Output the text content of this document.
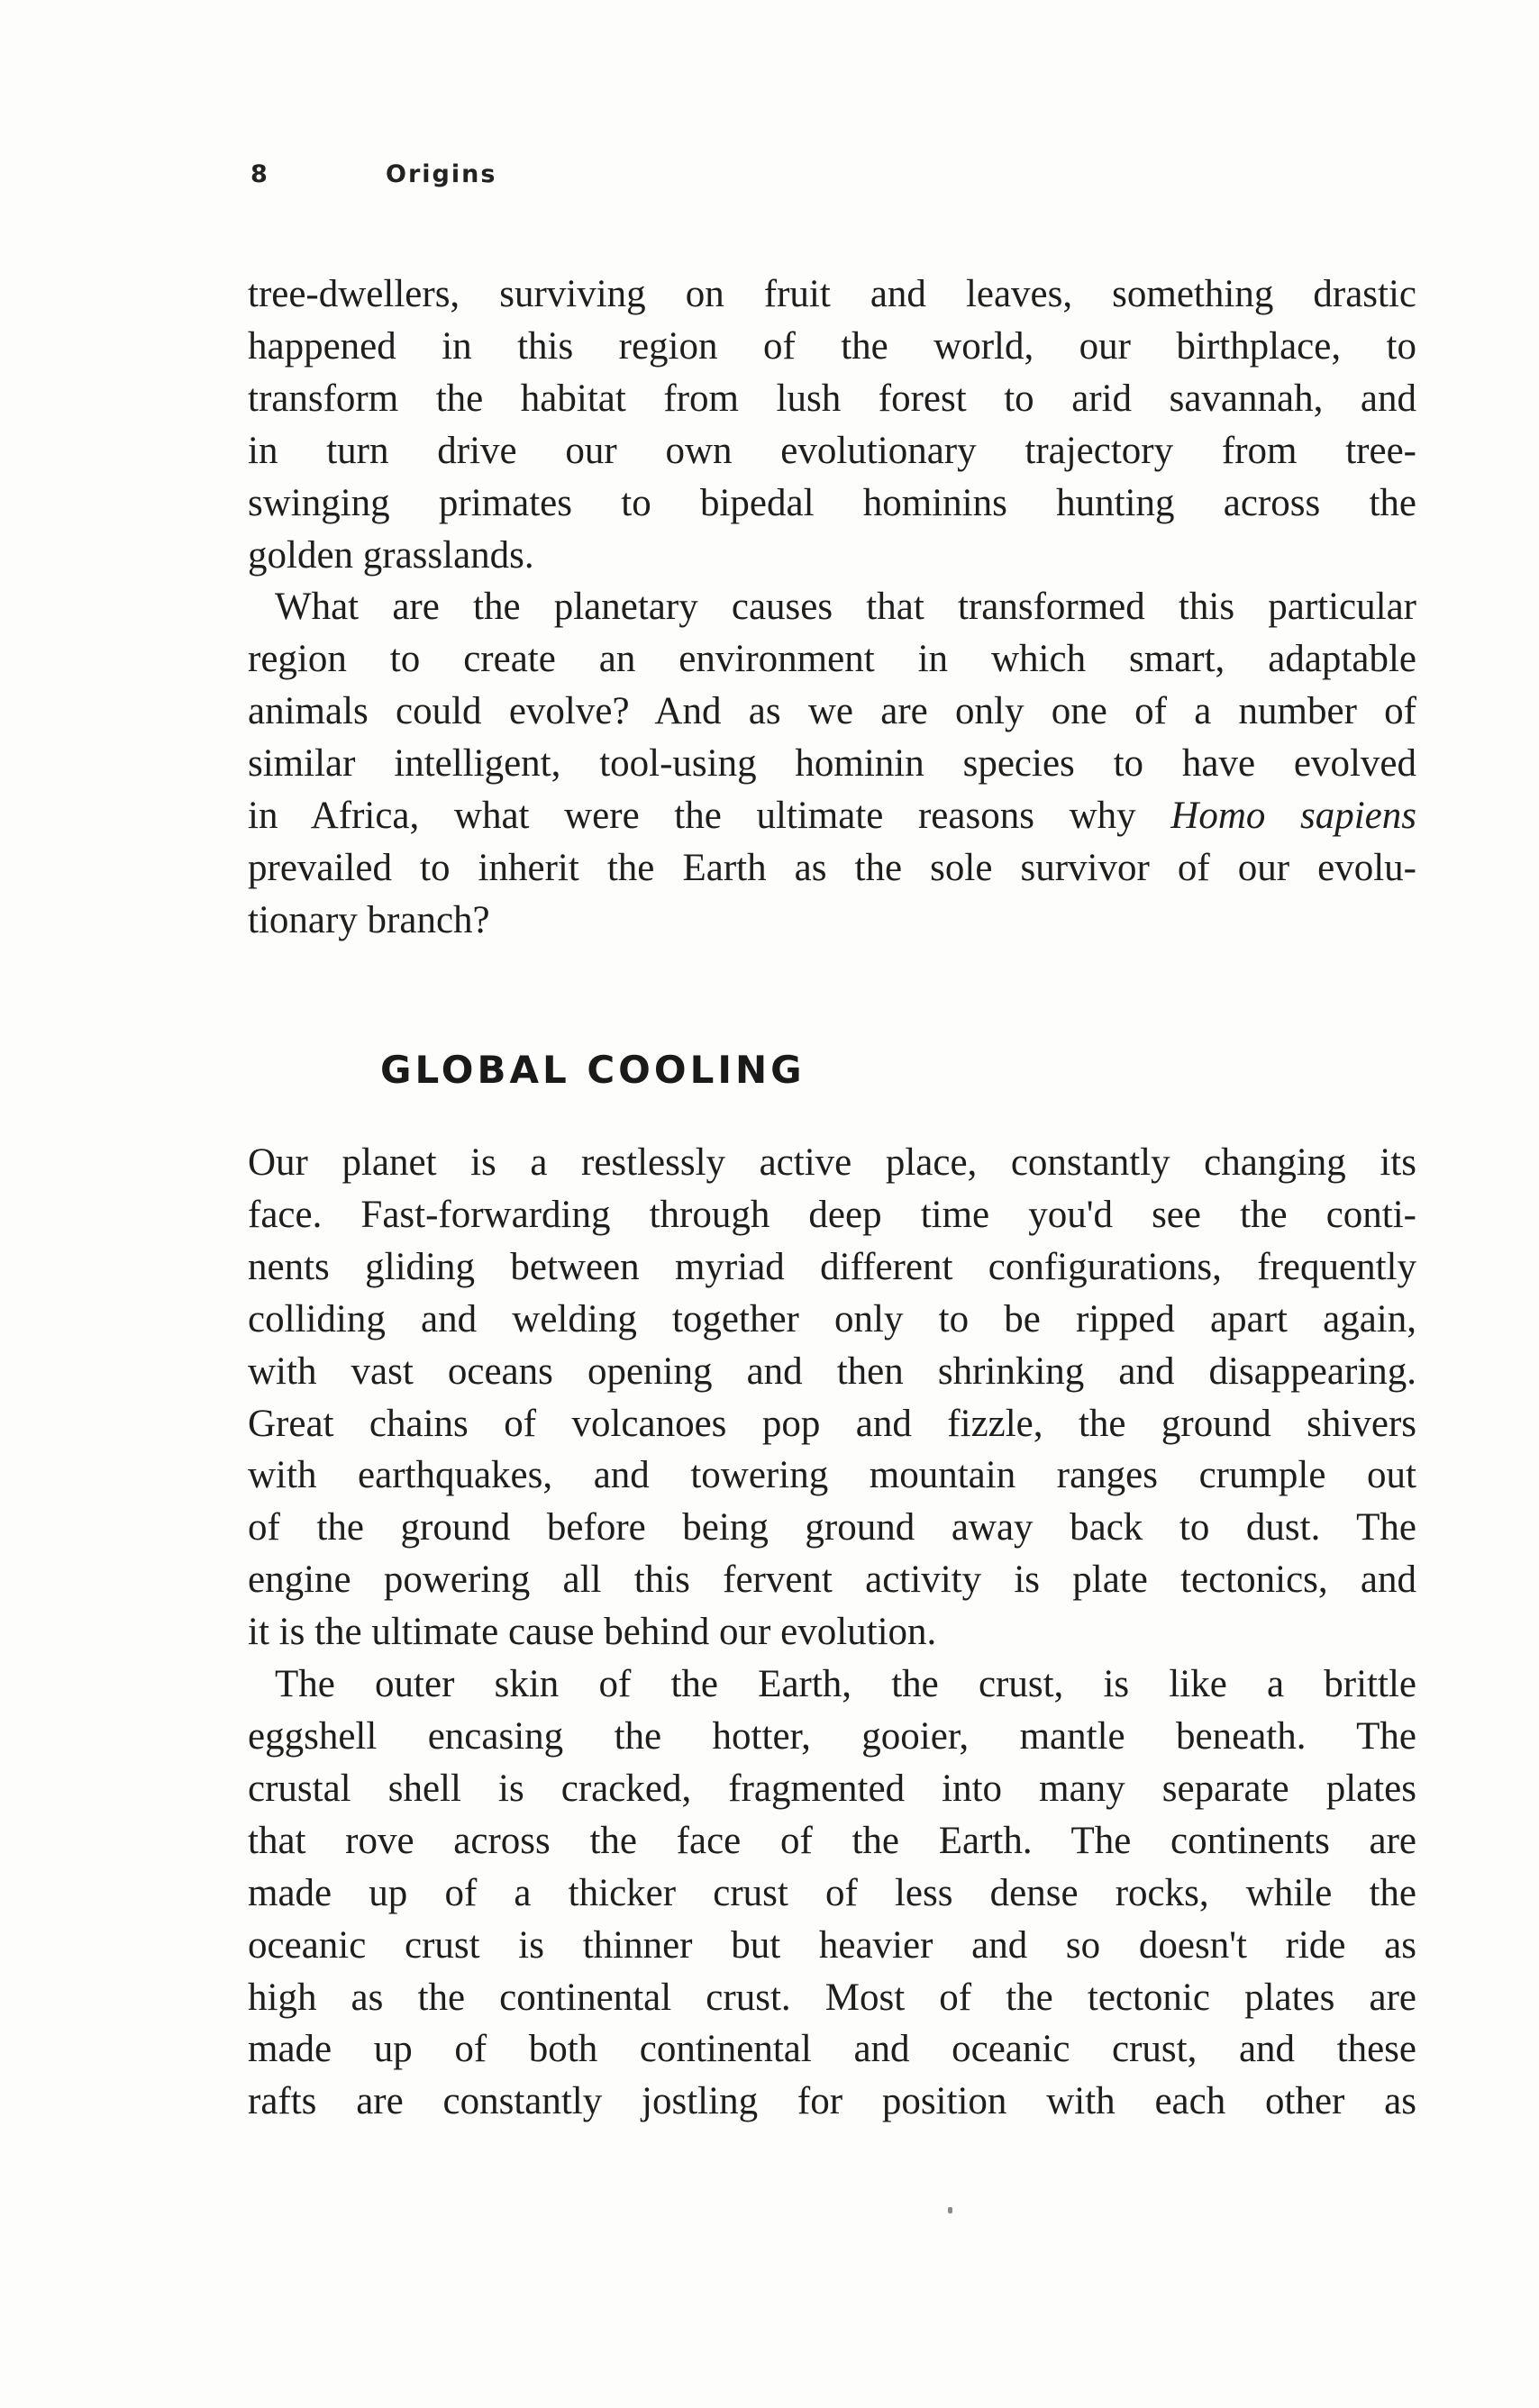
8	Origins
tree-dwellers, surviving on fruit and leaves, something drastic
happened in this region of the world, our birthplace, to
transform the habitat from lush forest to arid savannah, and
in turn drive our own evolutionary trajectory from tree-
swinging primates to bipedal hominins hunting across the
golden grasslands.
What are the planetary causes that transformed this particular
region to create an environment in which smart, adaptable
animals could evolve? And as we are only one of a number of
similar intelligent, tool-using hominin species to have evolved
in Africa, what were the ultimate reasons why Homo sapiens
prevailed to inherit the Earth as the sole survivor of our evolu-
tionary branch?
GLOBAL COOLING
Our planet is a restlessly active place, constantly changing its
face. Fast-forwarding through deep time you'd see the conti-
nents gliding between myriad different configurations, frequently
colliding and welding together only to be ripped apart again,
with vast oceans opening and then shrinking and disappearing.
Great chains of volcanoes pop and fizzle, the ground shivers
with earthquakes, and towering mountain ranges crumple out
of the ground before being ground away back to dust. The
engine powering all this fervent activity is plate tectonics, and
it is the ultimate cause behind our evolution.
The outer skin of the Earth, the crust, is like a brittle
eggshell encasing the hotter, gooier, mantle beneath. The
crustal shell is cracked, fragmented into many separate plates
that rove across the face of the Earth. The continents are
made up of a thicker crust of less dense rocks, while the
oceanic crust is thinner but heavier and so doesn't ride as
high as the continental crust. Most of the tectonic plates are
made up of both continental and oceanic crust, and these
rafts are constantly jostling for position with each other as
